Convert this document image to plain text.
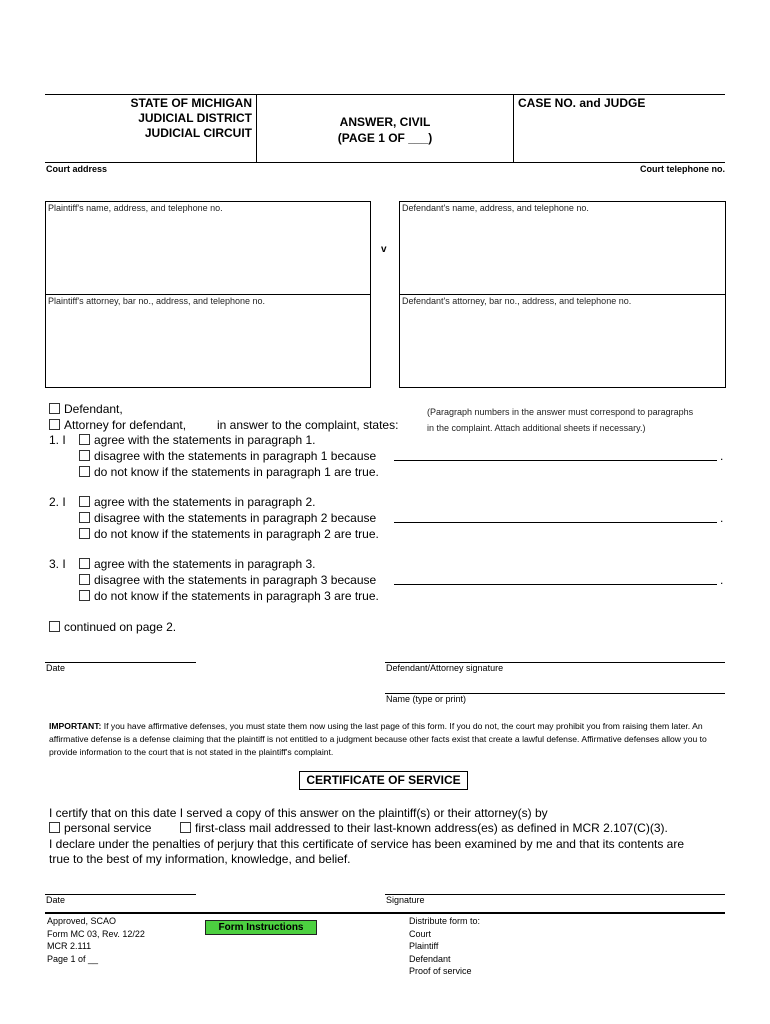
STATE OF MICHIGAN
JUDICIAL DISTRICT
JUDICIAL CIRCUIT
ANSWER, CIVIL
(PAGE 1 OF ___)
CASE NO. and JUDGE
Court address	Court telephone no.
Plaintiff's name, address, and telephone no.
Plaintiff's attorney, bar no., address, and telephone no.
v
Defendant's name, address, and telephone no.
Defendant's attorney, bar no., address, and telephone no.
Defendant,
Attorney for defendant,	in answer to the complaint, states:
(Paragraph numbers in the answer must correspond to paragraphs
in the complaint. Attach additional sheets if necessary.)
1. I	agree with the statements in paragraph 1.
disagree with the statements in paragraph 1 because	.
do not know if the statements in paragraph 1 are true.
2. I	agree with the statements in paragraph 2.
disagree with the statements in paragraph 2 because	.
do not know if the statements in paragraph 2 are true.
3. I	agree with the statements in paragraph 3.
disagree with the statements in paragraph 3 because	.
do not know if the statements in paragraph 3 are true.
continued on page 2.
Date	Defendant/Attorney signature
Name (type or print)
IMPORTANT: If you have affirmative defenses, you must state them now using the last page of this form. If you do not, the court may prohibit you from raising them later. An affirmative defense is a defense claiming that the plaintiff is not entitled to a judgment because other facts exist that create a lawful defense. Affirmative defenses allow you to provide information to the court that is not stated in the plaintiff's complaint.
CERTIFICATE OF SERVICE
I certify that on this date I served a copy of this answer on the plaintiff(s) or their attorney(s) by
personal service	first-class mail addressed to their last-known address(es) as defined in MCR 2.107(C)(3).
I declare under the penalties of perjury that this certificate of service has been examined by me and that its contents are
true to the best of my information, knowledge, and belief.
Date	Signature
Approved, SCAO
Form MC 03, Rev. 12/22
MCR 2.111
Page 1 of __
Form Instructions
Distribute form to:
Court
Plaintiff
Defendant
Proof of service
